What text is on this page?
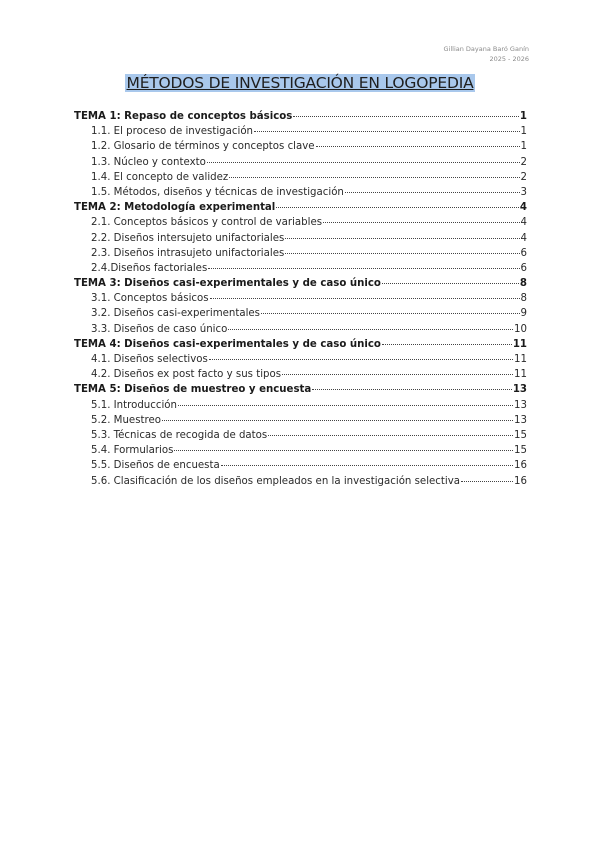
Gillian Dayana Baró Ganín
2025 - 2026
MÉTODOS DE INVESTIGACIÓN EN LOGOPEDIA
TEMA 1: Repaso de conceptos básicos	1
1.1. El proceso de investigación	1
1.2. Glosario de términos y conceptos clave	1
1.3. Núcleo y contexto	2
1.4. El concepto de validez	2
1.5. Métodos, diseños y técnicas de investigación	3
TEMA 2: Metodología experimental	4
2.1. Conceptos básicos y control de variables	4
2.2. Diseños intersujeto unifactoriales	4
2.3. Diseños intrasujeto unifactoriales	6
2.4.Diseños factoriales	6
TEMA 3: Diseños casi-experimentales y de caso único	8
3.1. Conceptos básicos	8
3.2. Diseños casi-experimentales	9
3.3. Diseños de caso único	10
TEMA 4: Diseños casi-experimentales y de caso único	11
4.1. Diseños selectivos	11
4.2. Diseños ex post facto y sus tipos	11
TEMA 5: Diseños de muestreo y encuesta	13
5.1. Introducción	13
5.2. Muestreo	13
5.3. Técnicas de recogida de datos	15
5.4. Formularios	15
5.5. Diseños de encuesta	16
5.6. Clasificación de los diseños empleados en la investigación selectiva	16
